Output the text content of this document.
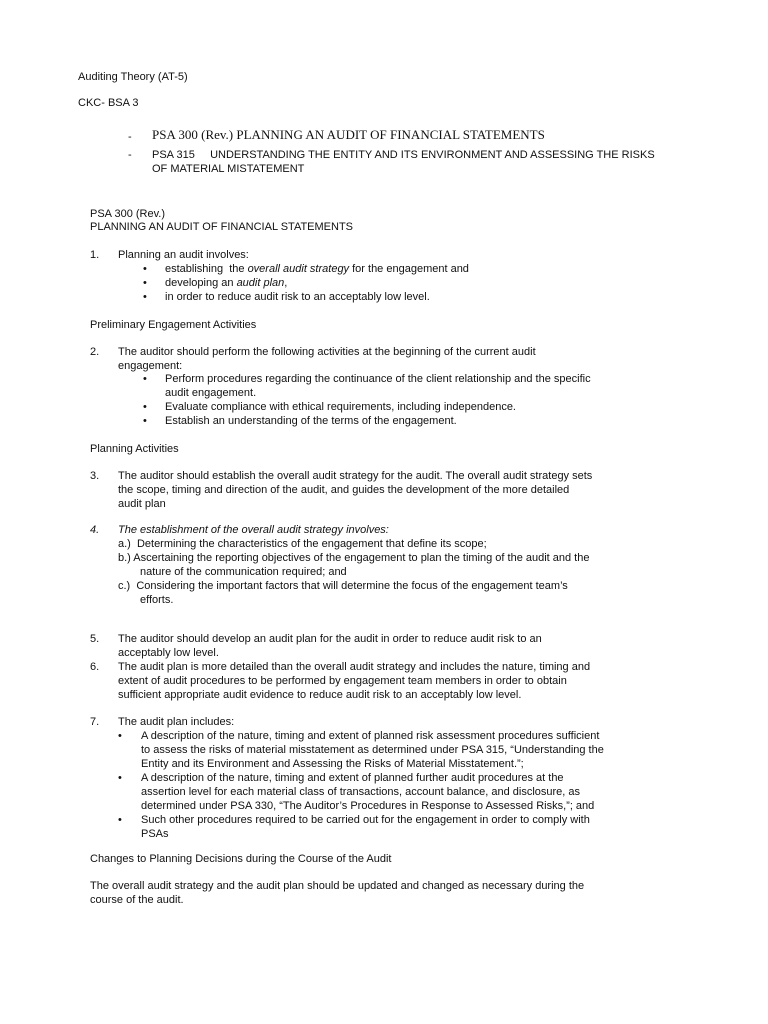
Auditing Theory (AT-5)

CKC- BSA 3

- PSA 300 (Rev.) PLANNING AN AUDIT OF FINANCIAL STATEMENTS

- PSA 315     UNDERSTANDING THE ENTITY AND ITS ENVIRONMENT AND ASSESSING THE RISKS

OF MATERIAL MISTATEMENT

PSA 300 (Rev.)

PLANNING AN AUDIT OF FINANCIAL STATEMENTS

1. Planning an audit involves:

• establishing  the overall audit strategy for the engagement and

• developing an audit plan,

• in order to reduce audit risk to an acceptably low level.

Preliminary Engagement Activities

2. The auditor should perform the following activities at the beginning of the current audit

engagement:

• Perform procedures regarding the continuance of the client relationship and the specific

audit engagement.

• Evaluate compliance with ethical requirements, including independence.

• Establish an understanding of the terms of the engagement.

Planning Activities

3. The auditor should establish the overall audit strategy for the audit. The overall audit strategy sets

the scope, timing and direction of the audit, and guides the development of the more detailed

audit plan

4. The establishment of the overall audit strategy involves:

a.)  Determining the characteristics of the engagement that define its scope;

b.) Ascertaining the reporting objectives of the engagement to plan the timing of the audit and the

nature of the communication required; and

c.)  Considering the important factors that will determine the focus of the engagement team’s

efforts.

5. The auditor should develop an audit plan for the audit in order to reduce audit risk to an

acceptably low level.

6. The audit plan is more detailed than the overall audit strategy and includes the nature, timing and

extent of audit procedures to be performed by engagement team members in order to obtain

sufficient appropriate audit evidence to reduce audit risk to an acceptably low level.

7. The audit plan includes:

• A description of the nature, timing and extent of planned risk assessment procedures sufficient

to assess the risks of material misstatement as determined under PSA 315, “Understanding the

Entity and its Environment and Assessing the Risks of Material Misstatement.”;

• A description of the nature, timing and extent of planned further audit procedures at the

assertion level for each material class of transactions, account balance, and disclosure, as

determined under PSA 330, “The Auditor’s Procedures in Response to Assessed Risks,”; and

• Such other procedures required to be carried out for the engagement in order to comply with

PSAs

Changes to Planning Decisions during the Course of the Audit

The overall audit strategy and the audit plan should be updated and changed as necessary during the

course of the audit.
